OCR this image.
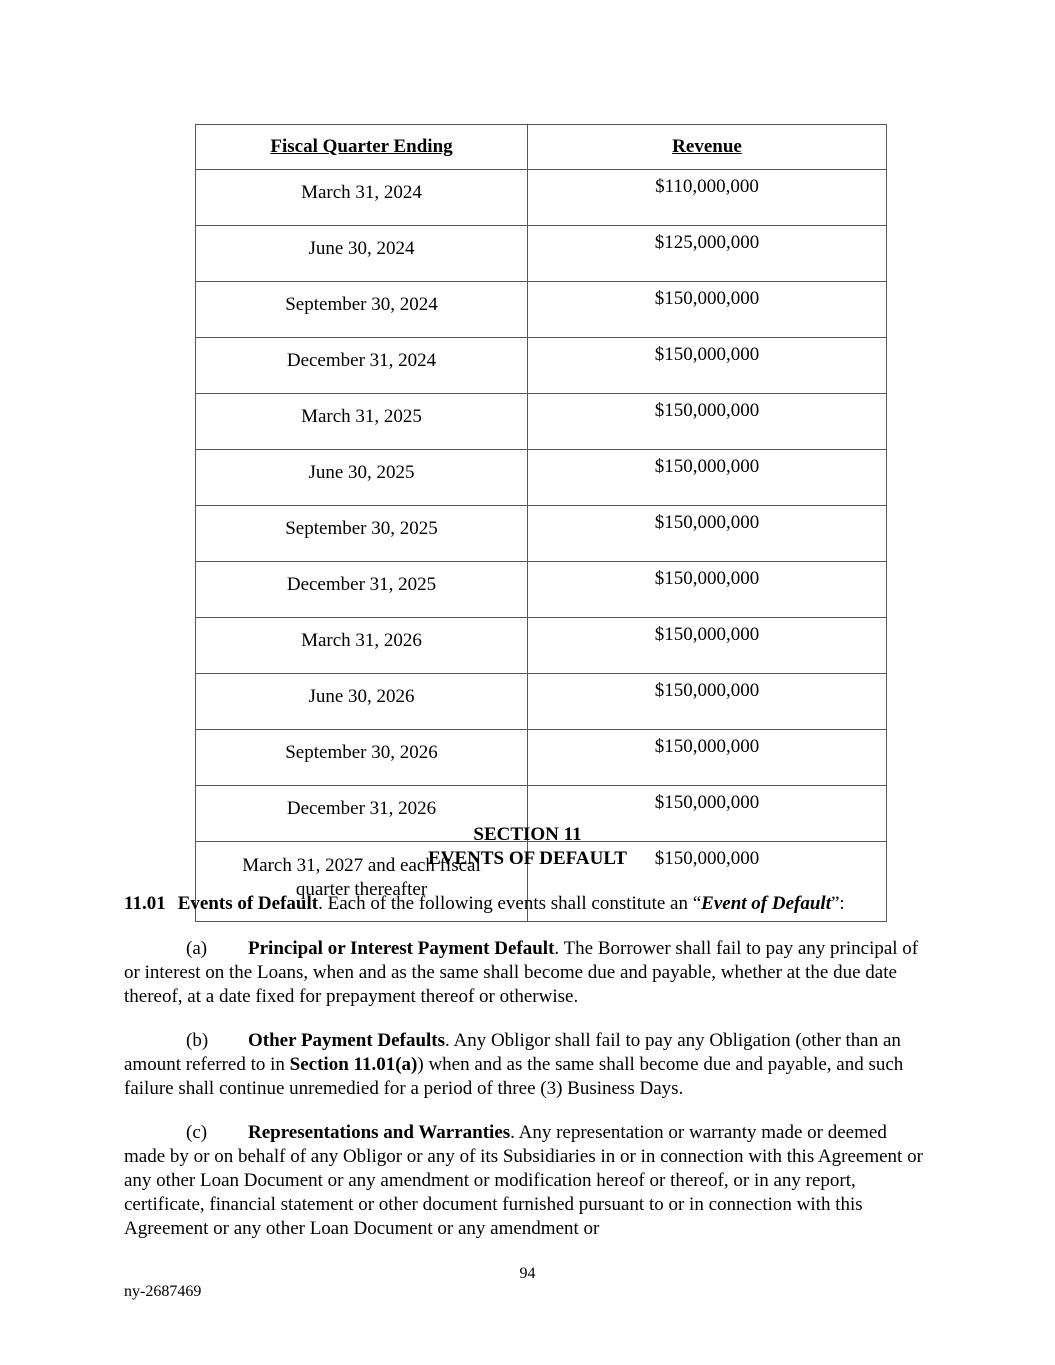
Fiscal Quarter Ending	Revenue
March 31, 2024	$110,000,000
June 30, 2024	$125,000,000
September 30, 2024	$150,000,000
December 31, 2024	$150,000,000
March 31, 2025	$150,000,000
June 30, 2025	$150,000,000
September 30, 2025	$150,000,000
December 31, 2025	$150,000,000
March 31, 2026	$150,000,000
June 30, 2026	$150,000,000
September 30, 2026	$150,000,000
December 31, 2026	$150,000,000

March 31, 2027 and each fiscal
quarter thereafter	$150,000,000
SECTION 11
EVENTS OF DEFAULT
11.01 Events of Default. Each of the following events shall constitute an “Event of Default”:
(a) Principal or Interest Payment Default. The Borrower shall fail to pay any principal of or interest on the Loans, when and as the same shall become due and payable, whether at the due date thereof, at a date fixed for prepayment thereof or otherwise.
(b) Other Payment Defaults. Any Obligor shall fail to pay any Obligation (other than an amount referred to in Section 11.01(a)) when and as the same shall become due and payable, and such failure shall continue unremedied for a period of three (3) Business Days.
(c) Representations and Warranties. Any representation or warranty made or deemed made by or on behalf of any Obligor or any of its Subsidiaries in or in connection with this Agreement or any other Loan Document or any amendment or modification hereof or thereof, or in any report, certificate, financial statement or other document furnished pursuant to or in connection with this Agreement or any other Loan Document or any amendment or
94
ny-2687469
